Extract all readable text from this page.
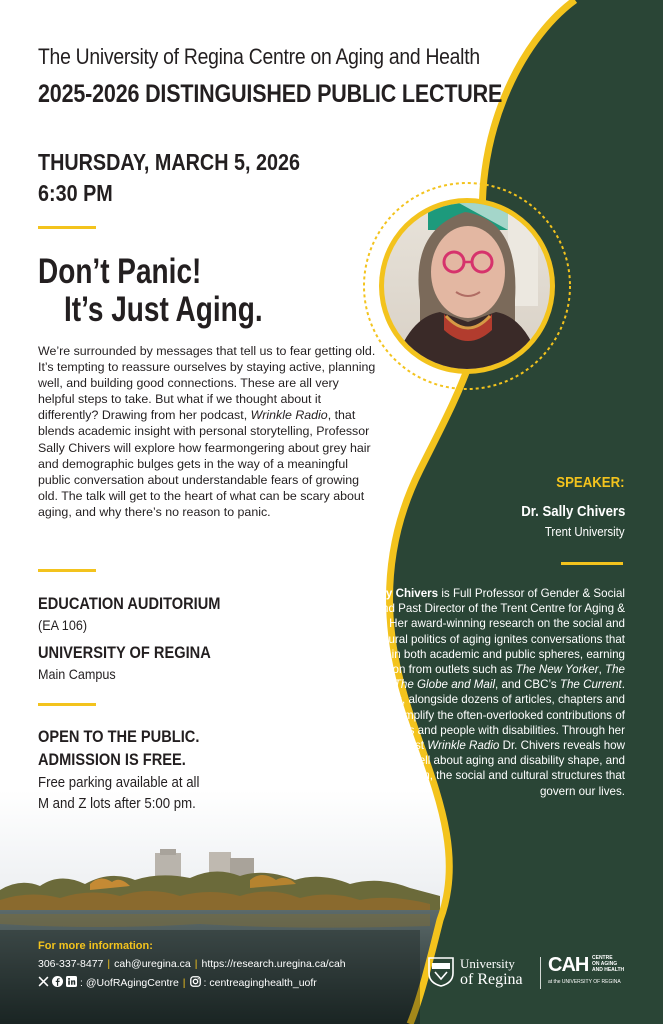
The University of Regina Centre on Aging and Health
2025-2026 DISTINGUISHED PUBLIC LECTURE
THURSDAY, MARCH 5, 2026
6:30 PM
Don’t Panic!
It’s Just Aging.
We’re surrounded by messages that tell us to fear getting old. It’s tempting to reassure ourselves by staying active, planning well, and building good connections. These are all very helpful steps to take. But what if we thought about it differently? Drawing from her podcast, Wrinkle Radio, that blends academic insight with personal storytelling, Professor Sally Chivers will explore how fearmongering about grey hair and demographic bulges gets in the way of a meaningful public conversation about understandable fears of growing old. The talk will get to the heart of what can be scary about aging, and why there’s no reason to panic.
EDUCATION AUDITORIUM
(EA 106)
UNIVERSITY OF REGINA
Main Campus
OPEN TO THE PUBLIC.
ADMISSION IS FREE.
Free parking available at all
M and Z lots after 5:00 pm.
SPEAKER:
Dr. Sally Chivers
Trent University
Dr. Sally Chivers is Full Professor of Gender & Social Justice and Past Director of the Trent Centre for Aging & Society. Her award-winning research on the social and cultural politics of aging ignites conversations that resonate in both academic and public spheres, earning attention from outlets such as The New Yorker, The Guardian, The Globe and Mail, and CBC’s The Current. Her books, alongside dozens of articles, chapters and short films, amplify the often-overlooked contributions of older adults and people with disabilities. Through her scholarly podcast Wrinkle Radio Dr. Chivers reveals how the stories we tell about aging and disability shape, and can even transform, the social and cultural structures that govern our lives.
For more information:
306-337-8477 | cah@uregina.ca | https://research.uregina.ca/cah
: @UofRAgingCentre | : centreaginghealth_uofr
University
of Regina
CAH CENTRE
ON AGING
AND HEALTH
at the UNIVERSITY OF REGINA
